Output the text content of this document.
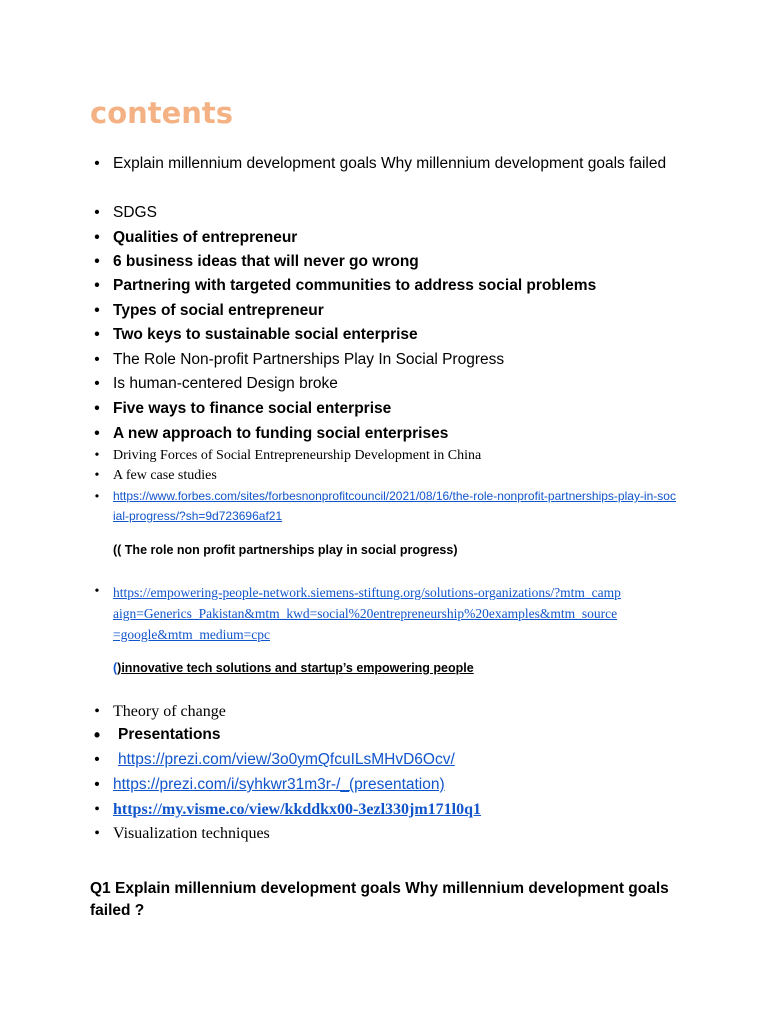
contents
• Explain millennium development goals Why millennium development goals failed
• SDGS
• Qualities of entrepreneur
• 6 business ideas that will never go wrong
• Partnering with targeted communities to address social problems
• Types of social entrepreneur
• Two keys to sustainable social enterprise
• The Role Non-profit Partnerships Play In Social Progress
• Is human-centered Design broke
• Five ways to finance social enterprise
• A new approach to funding social enterprises
• Driving Forces of Social Entrepreneurship Development in China
• A few case studies
•	https://www.forbes.com/sites/forbesnonprofitcouncil/2021/08/16/the-role-nonprofit-partnerships-play-in-social-progress/?sh=9d723696af21
(( The role non profit partnerships play in social progress)
•	https://empowering-people-network.siemens-stiftung.org/solutions-organizations/?mtm_campaign=Generics_Pakistan&mtm_kwd=social%20entrepreneurship%20examples&mtm_source=google&mtm_medium=cpc
()innovative tech solutions and startup’s empowering people
• Theory of change
• Presentations
• https://prezi.com/view/3o0ymQfcuILsMHvD6Ocv/
• https://prezi.com/i/syhkwr31m3r-/_(presentation)
• https://my.visme.co/view/kkddkx00-3ezl330jm171l0q1
• Visualization techniques
Q1 Explain millennium development goals Why millennium development goals failed ?
